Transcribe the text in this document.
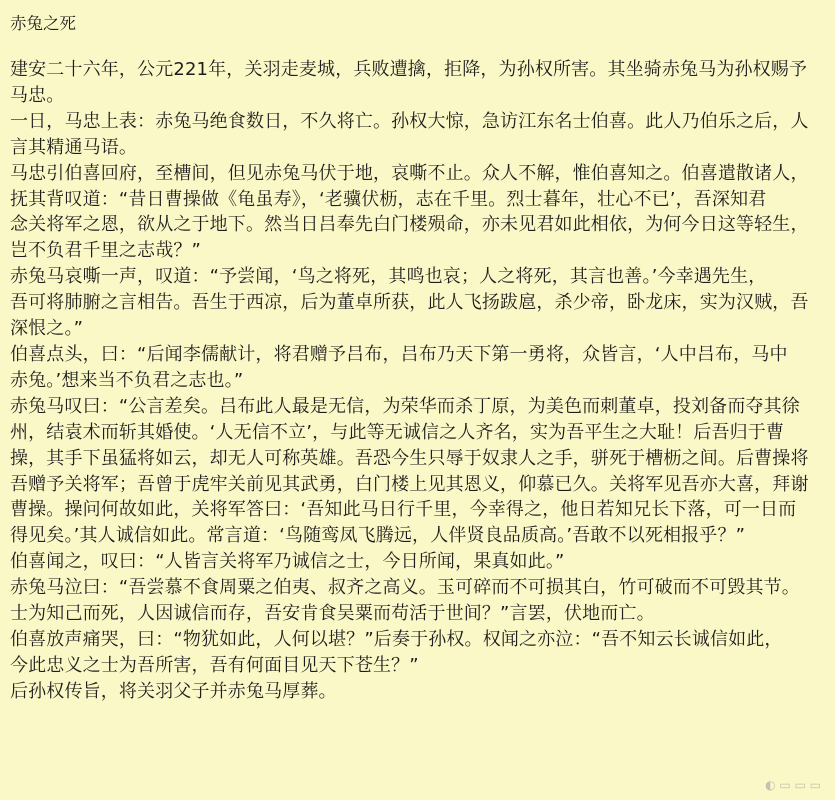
赤兔之死
建安二十六年，公元221年，关羽走麦城，兵败遭擒，拒降，为孙权所害。其坐骑赤兔马为孙权赐予
马忠。
一日，马忠上表：赤兔马绝食数日，不久将亡。孙权大惊，急访江东名士伯喜。此人乃伯乐之后，人
言其精通马语。
马忠引伯喜回府，至槽间，但见赤兔马伏于地，哀嘶不止。众人不解，惟伯喜知之。伯喜遣散诸人，
抚其背叹道：“昔日曹操做《龟虽寿》，‘老骥伏枥，志在千里。烈士暮年，壮心不已’，吾深知君
念关将军之恩，欲从之于地下。然当日吕奉先白门楼殒命，亦未见君如此相依，为何今日这等轻生，
岂不负君千里之志哉？”
赤兔马哀嘶一声，叹道：“予尝闻，‘鸟之将死，其鸣也哀；人之将死，其言也善。’今幸遇先生，
吾可将肺腑之言相告。吾生于西凉，后为董卓所获，此人飞扬跋扈，杀少帝，卧龙床，实为汉贼，吾
深恨之。”
伯喜点头，曰：“后闻李儒献计，将君赠予吕布，吕布乃天下第一勇将，众皆言，‘人中吕布，马中
赤兔。’想来当不负君之志也。”
赤兔马叹曰：“公言差矣。吕布此人最是无信，为荣华而杀丁原，为美色而刺董卓，投刘备而夺其徐
州，结袁术而斩其婚使。‘人无信不立’，与此等无诚信之人齐名，实为吾平生之大耻！后吾归于曹
操，其手下虽猛将如云，却无人可称英雄。吾恐今生只辱于奴隶人之手，骈死于槽枥之间。后曹操将
吾赠予关将军；吾曾于虎牢关前见其武勇，白门楼上见其恩义，仰慕已久。关将军见吾亦大喜，拜谢
曹操。操问何故如此，关将军答曰：‘吾知此马日行千里，今幸得之，他日若知兄长下落，可一日而
得见矣。’其人诚信如此。常言道：‘鸟随鸾凤飞腾远，人伴贤良品质高。’吾敢不以死相报乎？”
伯喜闻之，叹曰：“人皆言关将军乃诚信之士，今日所闻，果真如此。”
赤兔马泣曰：“吾尝慕不食周粟之伯夷、叔齐之高义。玉可碎而不可损其白，竹可破而不可毁其节。
士为知己而死，人因诚信而存，吾安肯食吴粟而苟活于世间？”言罢，伏地而亡。
伯喜放声痛哭，曰：“物犹如此，人何以堪？”后奏于孙权。权闻之亦泣：“吾不知云长诚信如此，
今此忠义之士为吾所害，吾有何面目见天下苍生？”
后孙权传旨，将关羽父子并赤兔马厚葬。
◐ ▭ ▭ ▭
